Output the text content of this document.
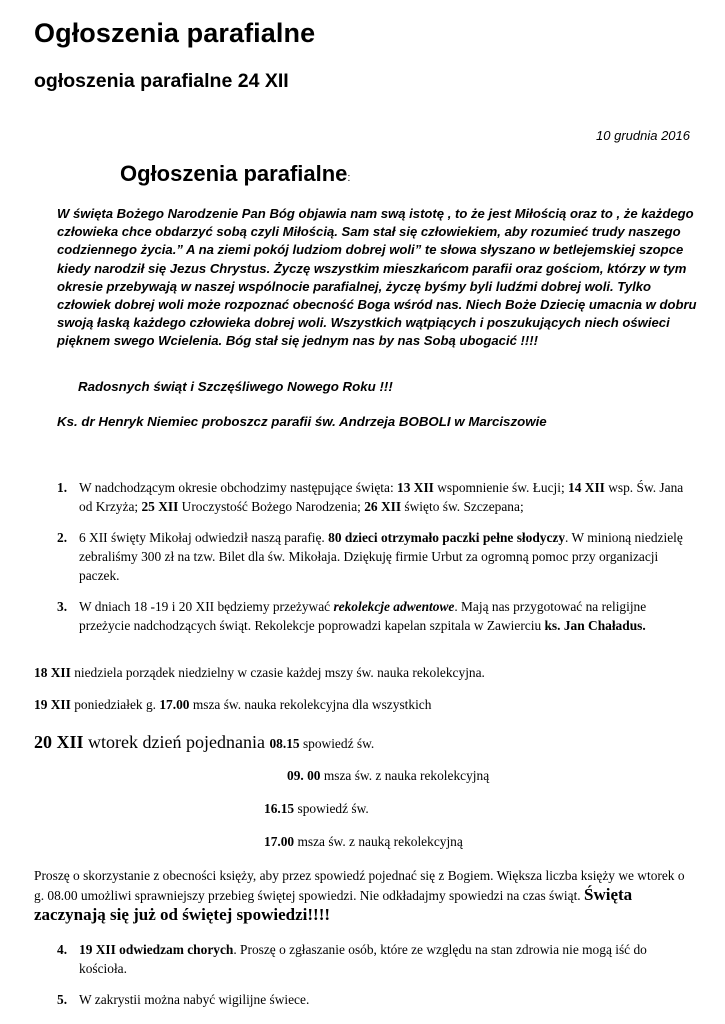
Ogłoszenia parafialne
ogłoszenia parafialne 24 XII
10 grudnia 2016
Ogłoszenia parafialne:
W święta Bożego Narodzenie Pan Bóg objawia nam swą istotę , to że jest Miłością oraz to , że każdego człowieka chce obdarzyć sobą czyli Miłością. Sam stał się człowiekiem, aby rozumieć trudy naszego codziennego życia.” A na ziemi pokój ludziom dobrej woli” te słowa słyszano w betlejemskiej szopce kiedy narodził się Jezus Chrystus. Życzę wszystkim mieszkańcom parafii oraz gościom, którzy w tym okresie przebywają w naszej wspólnocie parafialnej, życzę byśmy byli ludźmi dobrej woli. Tylko człowiek dobrej woli może rozpoznać obecność Boga wśród nas. Niech Boże Dziecię umacnia w dobru swoją łaską każdego człowieka dobrej woli. Wszystkich wątpiących i poszukujących niech oświeci pięknem swego Wcielenia. Bóg stał się jednym nas by nas Sobą ubogacić !!!!
Radosnych świąt i Szczęśliwego Nowego Roku !!!
Ks. dr Henryk Niemiec proboszcz parafii św. Andrzeja BOBOLI w Marciszowie
1. W nadchodzącym okresie obchodzimy następujące święta: 13 XII wspomnienie św. Łucji; 14 XII wsp. Św. Jana od Krzyża; 25 XII Uroczystość Bożego Narodzenia; 26 XII święto św. Szczepana;
2. 6 XII święty Mikołaj odwiedził naszą parafię. 80 dzieci otrzymało paczki pełne słodyczy. W minioną niedzielę zebraliśmy 300 zł na tzw. Bilet dla św. Mikołaja. Dziękuję firmie Urbut za ogromną pomoc przy organizacji paczek.
3. W dniach 18 -19 i 20 XII będziemy przeżywać rekolekcje adwentowe. Mają nas przygotować na religijne przeżycie nadchodzących świąt. Rekolekcje poprowadzi kapelan szpitala w Zawierciu ks. Jan Chaładus.
18 XII niedziela porządek niedzielny w czasie każdej mszy św. nauka rekolekcyjna.
19 XII poniedziałek g. 17.00 msza św. nauka rekolekcyjna dla wszystkich
20 XII wtorek dzień pojednania 08.15 spowiedź św.
09. 00 msza św. z nauka rekolekcyjną
16.15 spowiedź św.
17.00 msza św. z nauką rekolekcyjną
Proszę o skorzystanie z obecności księży, aby przez spowiedź pojednać się z Bogiem. Większa liczba księży we wtorek o g. 08.00 umożliwi sprawniejszy przebieg świętej spowiedzi. Nie odkładajmy spowiedzi na czas świąt. Święta zaczynają się już od świętej spowiedzi!!!!
4. 19 XII odwiedzam chorych. Proszę o zgłaszanie osób, które ze względu na stan zdrowia nie mogą iść do kościoła.
5. W zakrystii można nabyć wigilijne świece.
